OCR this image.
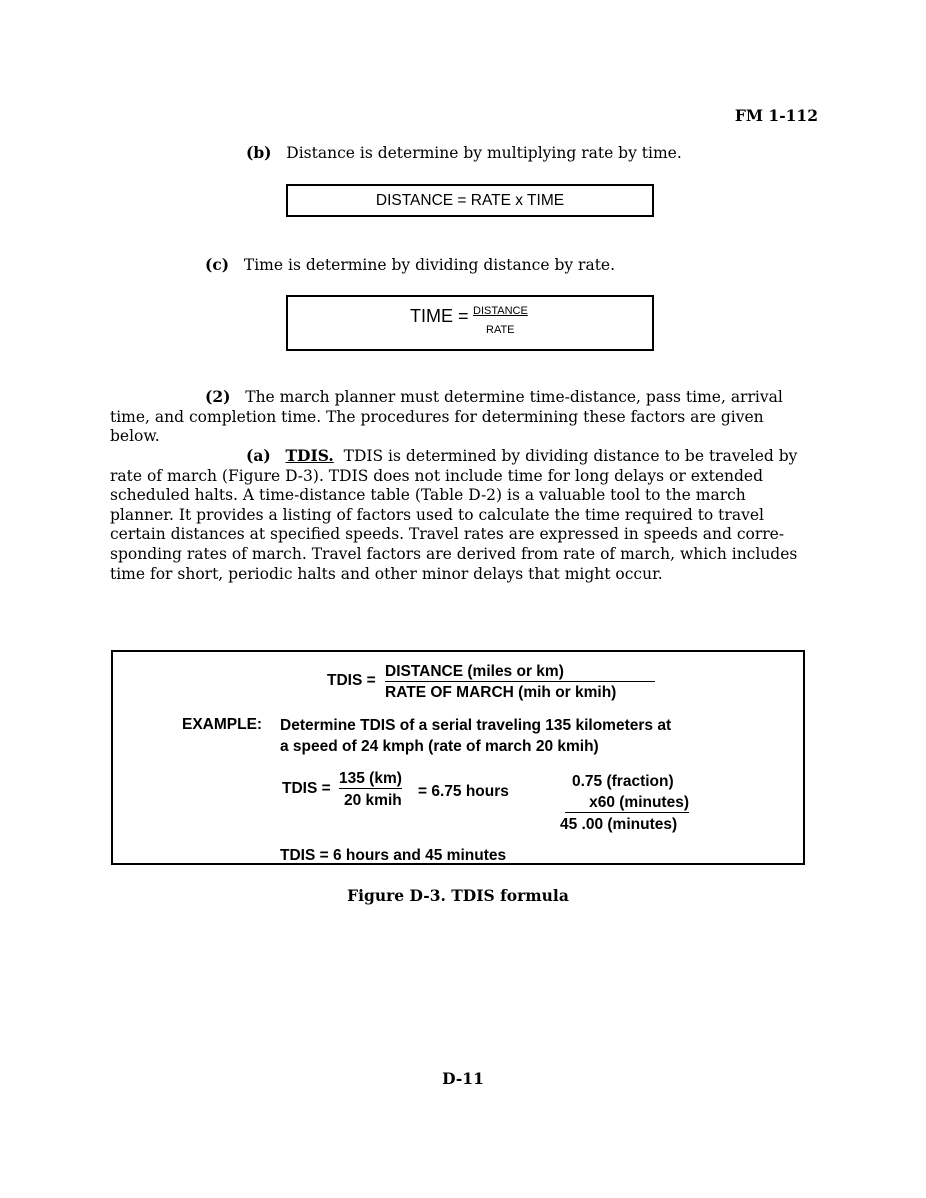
FM 1-112
(b) Distance is determine by multiplying rate by time.
DISTANCE = RATE x TIME
(c) Time is determine by dividing distance by rate.
TIME = DISTANCE
RATE

(2) The march planner must determine time-distance, pass time, arrival

time, and completion time. The procedures for determining these factors are given below.

(a) TDIS. TDIS is determined by dividing distance to be traveled by

rate of march (Figure D-3). TDIS does not include time for long delays or extended

scheduled halts. A time-distance table (Table D-2) is a valuable tool to the march

planner. It provides a listing of factors used to calculate the time required to travel

certain distances at specified speeds. Travel rates are expressed in speeds and corre-

sponding rates of march. Travel factors are derived from rate of march, which includes

time for short, periodic halts and other minor delays that might occur.

TDIS =
DISTANCE (miles or km)
RATE OF MARCH (mih or kmih)
EXAMPLE: Determine TDIS of a serial traveling 135 kilometers at
a speed of 24 kmph (rate of march 20 kmih)
TDIS =
135 (km)
20 kmih
= 6.75 hours
0.75 (fraction)
x60 (minutes)
45 .00 (minutes)
TDIS = 6 hours and 45 minutes
Figure D-3. TDIS formula
D-11
